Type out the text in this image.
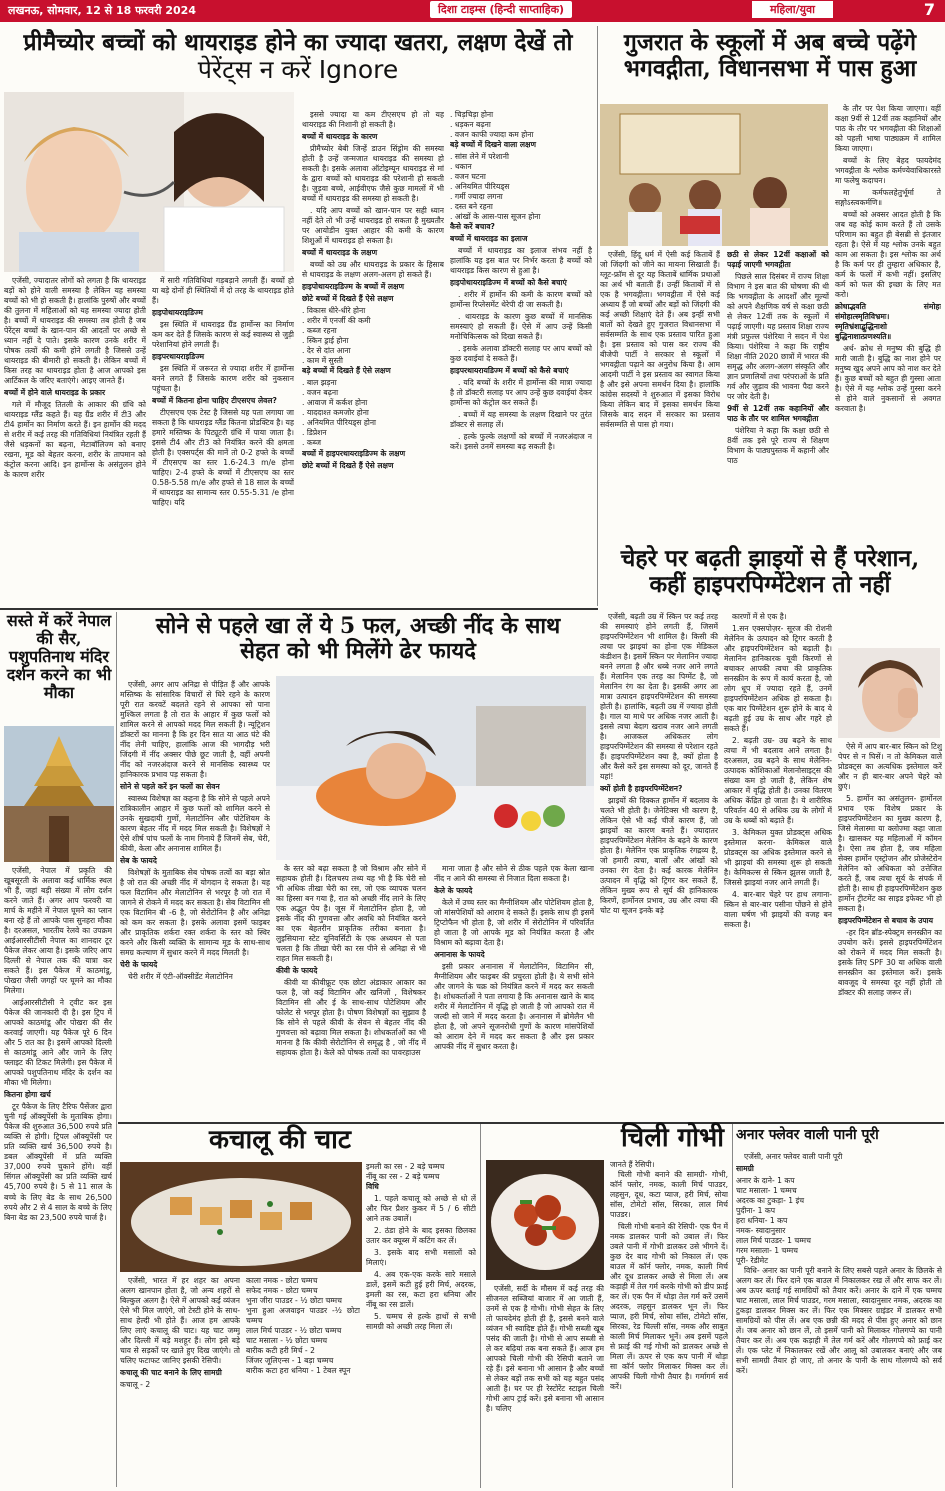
लखनऊ, सोमवार, 12 से 18 फरवरी 2024	दिशा टाइम्स (हिन्दी साप्ताहिक)	महिला/युवा	7
प्रीमैच्योर बच्चों को थायराइड होने का ज्यादा खतरा, लक्षण देखें तो
पेरेंट्स न करें Ignore

एजेंसी, ज्यादातर लोगों को लगता है कि थायराइड बड़ों को होने वाली समस्या है लेकिन यह समस्या बच्चों को भी हो सकती है। हालांकि पुरुषों और बच्चों की तुलना में महिलाओं को यह समस्या ज्यादा होती है। बच्चों में थायराइड की समस्या तब होती है जब पेरेंट्स बच्चों के खान-पान की आदतों पर अच्छे से ध्यान नहीं दे पाते। इसके कारण उनके शरीर में पोषक तत्वों की कमी होने लगती है जिससे उन्हें थायराइड की बीमारी हो सकती है। लेकिन बच्चों में किस तरह का थायराइड होता है आज आपको इस आर्टिकल के जरिए बताएंगे। आइए जानते हैं।

बच्चों में होने वाले थायराइड के प्रकार

गले में मौजूद तितली के आकार की ग्रंथि को थायराइड ग्लैंड कहते हैं। यह ग्रैंड शरीर में टी3 और टी4 हार्मोन का निर्माण करते हैं। इन हार्मोन की मदद से शरीर में कई तरह की गतिविधियां नियंत्रित रहती हैं जैसे धड़कनों का बढ़ना, मेटाबॉलिज्म को बनाए रखना, मूड को बेहतर करना, शरीर के तापमान को कंट्रोल करना आदि। इन हार्मोन्स के असंतुलन होने के कारण शरीर

में सारी गतिविधियां गड़बड़ाने लगती हैं। बच्चों हो या बड़े दोनों ही स्थितियों में दो तरह के थायराइड होते हैं।

हाइपोथायराइडिज्म

इस स्थिति में थायराइड ग्रैंड हार्मोन्स का निर्माण कम कर देते हैं जिसके कारण से कई स्वास्थ्य से जुड़ी परेशानियां होने लगती हैं।

हाइपरथायराइडिज्म

इस स्थिति में जरूरत से ज्यादा शरीर में हार्मोन्स बनने लगते हैं जिसके कारण शरीर को नुकसान पहुंचता है।

बच्चों में कितना होना चाहिए टीएसएच लेवल?

टीएसएच एक टेस्ट है जिससे यह पता लगाया जा सकता है कि थायराइड ग्लैंड कितना प्रोडक्टिव है। यह हमारे मस्तिष्क के पिट्यूटरी ग्रंथि में पाया जाता है। इससे टी4 और टी3 को नियंत्रित करने की क्षमता होती है। एक्सपर्ट्स की मानें तो 0-2 हफ्ते के बच्चों में टीएसएच का स्तर 1.6-24.3 m/e होना चाहिए। 2-4 हफ्ते के बच्चों में टीएसएच का स्तर 0.58-5.58 m/e और हफ्ते से 18 साल के बच्चों में थायराइड का सामान्य स्तर 0.55-5.31 /e होना चाहिए। यदि

इससे ज्यादा या कम टीएसएच हो तो यह थायराइड की निशानी हो सकती है।

बच्चों में थायराइड के कारण

प्रीमैच्योर बेबी जिन्हें डाउन सिंड्रोम की समस्या होती है उन्हें जन्मजात थायराइड की समस्या हो सकती है। इसके अलावा ऑटोइम्यून थायराइड से मां के द्वारा बच्चों को थायराइड की परेशानी हो सकती है। जुड़वा बच्चे, आईवीएफ जैसे कुछ मामलों में भी बच्चों में थायराइड की समस्या हो सकती है।

. यदि आप बच्चों को खान-पान पर सही ध्यान नहीं देते तो भी उन्हें थायराइड हो सकता है मुख्यतौर पर आयोडीन युक्त आहार की कमी के कारण शिशुओं में थायराइड हो सकता है।

बच्चों में थायराइड के लक्षण

बच्चों को उम्र और थायराइड के प्रकार के हिसाब से थायराइड के लक्षण अलग-अलग हो सकते हैं।

हाइपोथायराइडिज्म के बच्चों में लक्षण

छोटे बच्चों में दिखते हैं ऐसे लक्षण

. विकास धीरे-धीरे होना

. शरीर में एनर्जी की कमी

. कब्ज रहना

. स्किन ड्राई होना

. देर से दांत आना

. काम में सुस्ती

बड़े बच्चों में दिखते हैं ऐसे लक्षण

. बाल झड़ना

. वजन बढ़ना

. आवाज में कर्कश होना

. याददाश्त कमजोर होना

. अनियमित पीरियड्स होना

. डिप्रेशन

. कब्ज

बच्चों में हाइपरथायराइडिज्म के लक्षण

छोटे बच्चों में दिखते हैं ऐसे लक्षण

. चिड़चिड़ा होना

. धड़कन बढ़ना

. वजन काफी ज्यादा कम होना

बड़े बच्चों में दिखने वाला लक्षण

. सांस लेने में परेशानी

. थकान

. वजन घटना

. अनियमित पीरियड्स

. गर्मी ज्यादा लगना

. दस्त बने रहना

. आंखों के आस-पास सूजन होना

कैसे करें बचाव?

बच्चों में थायराइड का इलाज

बच्चों में थायराइड का इलाज संभव नहीं है हालांकि यह इस बात पर निर्भर करता है बच्चों को थायराइड किस कारण से हुआ है।

हाइपोथायराइडिज्म में बच्चों को कैसे बचाएं

. शरीर में हार्मोन की कमी के कारण बच्चों को हार्मोन्स रिप्लेसमेंट थेरेपी दी जा सकती है।

. थायराइड के कारण कुछ बच्चों में मानसिक समस्याएं हो सकती हैं। ऐसे में आप उन्हें किसी मनोचिकित्सक को दिखा सकते हैं।

. इसके अलावा डॉक्टरी सलाह पर आप बच्चों को कुछ दवाईयां दे सकते हैं।

हाइपरथायरायडिज्म में बच्चों को कैसे बचाएं

. यदि बच्चों के शरीर में हार्मोन्स की मात्रा ज्यादा है तो डॉक्टरी सलाह पर आप उन्हें कुछ दवाईयां देकर हार्मोन्स को कंट्रोल कर सकते हैं।

. बच्चों में यह समस्या के लक्षण दिखाने पर तुरंत डॉक्टर से सलाह लें।

. हल्के फुल्के लक्षणों को बच्चों में नजरअंदाज न करें। इससे उनमें समस्या बढ़ सकती है।

गुजरात के स्कूलों में अब बच्चे पढ़ेंगे
भगवद्गीता, विधानसभा में पास हुआ

एजेंसी, हिंदू धर्म में ऐसी कई किताबें हैं जो जिंदगी को जीने का मायना सिखाती हैं। ग्लूट-फ्रॉम से दूर यह किताबें धार्मिक प्रथाओं का अर्थ भी बताती हैं। उन्हीं किताबों में से एक है भगवद्गीता। भगवद्गीता में ऐसे कई अध्याय हैं जो बच्चों और बड़ों को जिंदगी की कई अच्छी शिक्षाएं देते हैं। अब इन्हीं सभी बातों को देखते हुए गुजरात विधानसभा में सर्वसम्मति के साथ एक प्रस्ताव पारित हुआ है। इस प्रस्ताव को पास कर राज्य की बीजेपी पार्टी ने सरकार से स्कूलों में भगवद्गीता पढ़ाने का अनुरोध किया है। आम आदमी पार्टी ने इस प्रस्ताव का स्वागत किया है और इसे अपना समर्थन दिया है। हालांकि कांग्रेस सदस्यों ने शुरुआत में इसका विरोध किया लेकिन बाद में इसका समर्थन किया जिसके बाद सदन में सरकार का प्रस्ताव सर्वसम्मति से पास हो गया।

छठी से लेकर 12वीं कक्षाओं को पढ़ाई जाएगी भगवद्गीता

पिछले साल दिसंबर में राज्य शिक्षा विभाग ने इस बात की घोषणा की थी कि भगवद्गीता के आदर्शों और मूल्यों को अपने शैक्षणिक वर्ष से कक्षा छठी से लेकर 12वीं तक के स्कूलों में पढ़ाई जाएगी। यह प्रस्ताव शिक्षा राज्य मंत्री प्रफुल्ल पंशेरिया ने सदन में पेश किया। पंशेरिया ने कहा कि राष्ट्रीय शिक्षा नीति 2020 छात्रों में भारत की समृद्ध और अलग-अलग संस्कृति और ज्ञान प्रणालियों तथा परंपराओं के प्रति गर्व और जुड़ाव की भावना पैदा करने पर जोर देती है।

9वीं से 12वीं तक कहानियों और पाठ के तौर पर शामिल भगवद्गीता

पंशेरिया ने कहा कि कक्षा छठी से 8वीं तक इसे पूरे राज्य से शिक्षण विभाग के पाठ्यपुस्तक में कहानी और पाठ

के तौर पर पेश किया जाएगा। वहीं कक्षा 9वीं से 12वीं तक कहानियों और पाठ के तौर पर भगवद्गीता की शिक्षाओं को पहली भाषा पाठ्यक्रम में शामिल किया जाएगा।

बच्चों के लिए बेहद फायदेमंद भगवद्गीता के श्लोक कर्मण्येवाधिकारस्ते मा फलेषु कदाचन।

मा कर्मफलहेतुर्भूर्मा ते सङ्गोऽस्त्वकर्मणि॥

बच्चों को अक्सर आदत होती है कि जब वह कोई काम करते हैं तो उसके परिणाम का बहुत ही बेसब्री से इंतजार रहता है। ऐसे में यह श्लोक उनके बहुत काम आ सकता है। इस श्लोक का अर्थ है कि कर्म पर ही तुम्हारा अधिकार है, कर्म के फलों में कभी नहीं। इसलिए कर्म को फल की इच्छा के लिए मत करो।

क्रोधाद्भवति संमोहः संमोहात्स्मृतिविभ्रमः। स्मृतिभ्रंशाद्बुद्धिनाशो बुद्धिनाशात्प्रणश्यति॥

अर्थ- क्रोध से मनुष्य की बुद्धि ही मारी जाती है। बुद्धि का नाश होने पर मनुष्य खुद अपने आप को नाश कर देते हैं। कुछ बच्चों को बहुत ही गुस्सा आता है। ऐसे में यह श्लोक उन्हें गुस्सा करने से होने वाले नुकसानों से अवगत करवाता है।

चेहरे पर बढ़ती झाइयों से हैं परेशान,
कहीं हाइपरपिग्मेंटेशन तो नहीं
सस्ते में करें नेपाल की सैर, पशुपतिनाथ मंदिर दर्शन करने का भी मौका

एजेंसी, नेपाल में प्रकृति की खूबसूरती के अलावा कई धार्मिक स्थल भी हैं, जहां बड़ी संख्या में लोग दर्शन करने जाते हैं। अगर आप फरवरी या मार्च के महीने में नेपाल घूमने का प्लान बना रहे हैं तो आपके पास सुनहरा मौका है। दरअसल, भारतीय रेलवे का उपक्रम आईआरसीटीसी नेपाल का शानदार टूर पैकेज लेकर आया है। इसके जरिए आप दिल्ली से नेपाल तक की यात्रा कर सकते हैं। इस पैकेज में काठमांडू, पोखरा जैसी जगहों पर घूमने का मौका मिलेगा।

आईआरसीटीसी ने ट्वीट कर इस पैकेज की जानकारी दी है। इस ट्रिप में आपको काठमांडू और पोखरा की सैर करवाई जाएगी। यह पैकेज पूरे 6 दिन और 5 रात का है। इसमें आपको दिल्ली से काठमांडू आने और जाने के लिए फ्लाइट की टिकट मिलेगी। इस पैकेज में आपको पशुपतिनाथ मंदिर के दर्शन का मौका भी मिलेगा।

कितना होगा खर्च

टूर पैकेज के लिए टैरिफ पैसेंजर द्वारा चुनी गई ऑक्यूपेंसी के मुताबिक होगा। पैकेज की शुरुआत 36,500 रुपये प्रति व्यक्ति से होगी। ट्रिपल ऑक्यूपेंसी पर प्रति व्यक्ति खर्च 36,500 रुपये है। डबल ऑक्यूपेंसी में प्रति व्यक्ति 37,000 रुपये चुकाने होंगे। वहीं सिंगल ऑक्यूपेंसी का प्रति व्यक्ति खर्च 45,700 रुपये है। 5 से 11 साल के बच्चे के लिए बेड के साथ 26,500 रुपये और 2 से 4 साल के बच्चे के लिए बिना बेड का 23,500 रुपये चार्ज है।

सोने से पहले खा लें ये 5 फल, अच्छी नींद के साथ
सेहत को भी मिलेंगे ढेर फायदे

एजेंसी, अगर आप अनिद्रा से पीड़ित हैं और आपके मस्तिष्क के सांसारिक विचारों से घिरे रहने के कारण पूरी रात करवटें बदलते रहने से आपका सो पाना मुश्किल लगता है तो रात के आहार में कुछ फलों को शामिल करने से आपको मदद मिल सकती है। न्यूट्रिशन डॉक्टरों का मानना है कि हर दिन सात या आठ घंटे की नींद लेनी चाहिए, हालांकि आज की भागदौड़ भरी जिंदगी में नींद अक्सर पीछे छूट जाती है, वहीं अपनी नींद को नजरअंदाज करने से मानसिक स्वास्थ्य पर हानिकारक प्रभाव पड़ सकता है।

सोने से पहले करें इन फलों का सेवन

स्वास्थ्य विशेषज्ञ का कहना है कि सोने से पहले अपने रात्रिकालीन आहार में कुछ फलों को शामिल करने से उनके सुखदायी गुणों, मेलाटोनिन और पोटेशियम के कारण बेहतर नींद में मदद मिल सकती है। विशेषज्ञों ने ऐसे शीर्ष पांच फलों के नाम गिनाये हैं जिनमें सेब, चेरी, कीवी, केला और अनानास शामिल हैं।

सेब के फायदे

विशेषज्ञों के मुताबिक सेब पोषक तत्वों का बड़ा स्रोत है जो रात की अच्छी नींद में योगदान दे सकता है। यह फल विटामिन और मेलाटोनिन से भरपूर है जो रात में जागने से रोकने में मदद कर सकता है। सेब विटामिन सी एक विटामिन बी -6 है, जो सेरोटोनिन है और अनिद्रा को कम कर सकता है। इसके अलावा इसमें फाइबर और प्राकृतिक शर्करा रक्त शर्करा के स्तर को स्थिर करने और किसी व्यक्ति के सामान्य मूड के साथ-साथ समग्र कल्याण में सुधार करने में मदद मिलती है।

चेरी के फायदे

चेरी शरीर में एंटी-ऑक्सीडेंट मेलाटोनिन

के स्तर को बढ़ा सकता है जो विश्राम और सोने में सहायक होती है। दिलचस्प तथ्य यह भी है कि चेरी सो भी अधिक तीखा चेरी का रस, जो एक व्यापक चलन का हिस्सा बन गया है, रात को अच्छी नींद लाने के लिए एक अद्भुत पेय है। जूस में मेलाटोनिन होता है, जो इसके नींद की गुणवत्ता और अवधि को नियंत्रित करने का एक बेहतरीन प्राकृतिक तरीका बनाता है। लुइसियाना स्टेट यूनिवर्सिटी के एक अध्ययन से पता चलता है कि तीखा चेरी का रस पीने से अनिद्रा से भी राहत मिल सकती है।

कीवी के फायदे

कीवी या कीवीफ्रूट एक छोटा अंडाकार आकार का फल है, जो कई विटामिन और खनिजों , विशेषकर विटामिन सी और ई के साथ-साथ पोटेशियम और फोलेट से भरपूर होता है। पोषण विशेषज्ञों का सुझाव है कि सोने से पहले कीवी के सेवन से बेहतर नींद की गुणवत्ता को बढ़ावा मिल सकता है। शोधकर्ताओं का भी मानना है कि कीवी सेरोटोनिन से समृद्ध है , जो नींद में सहायक होता है। केले को पोषक तत्वों का पावरहाउस

माना जाता है और सोने से ठीक पहले एक केला खाना नींद न आने की समस्या से निजात दिला सकता है।

केले के फायदे

केले में उच्च स्तर का मैग्नीशियम और पोटेशियम होता है, जो मांसपेशियों को आराम दे सकते हैं। इसके साथ ही इसमें ट्रिप्टोफैन भी होता है, जो शरीर में सेरोटोनिन में परिवर्तित हो जाता है जो आपके मूड को नियंत्रित करता है और विश्राम को बढ़ावा देता है।

अनानास के फायदे

इसी प्रकार अनानास में मेलाटोनिन, विटामिन सी, मैग्नीशियम और फाइबर की प्रचुरता होती है। ये सभी सोने और जागने के चक्र को नियंत्रित करने में मदद कर सकती है। शोधकर्ताओं ने पता लगाया है कि अनानास खाने के बाद शरीर में मेलाटोनिन में वृद्धि हो जाती है जो आपको रात में जल्दी सो जाने में मदद करता है। अनानास में ब्रोमेलैन भी होता है, जो अपने सूजनरोधी गुणों के कारण मांसपेशियों को आराम देने में मदद कर सकता है और इस प्रकार आपकी नींद में सुधार करता है।

एजेंसी, बढ़ती उम्र में स्किन पर कई तरह की समस्याएं होने लगती हैं, जिसमें हाइपरपिग्मेंटेशन भी शामिल है। किसी की त्वचा पर झाइयां का होना एक मेडिकल कंडीशन है। इसमें स्किन पर मेलानिन ज्यादा बनने लगता है और धब्बे नजर आने लगते हैं। मेलानिन एक तरह का पिग्मेंट है, जो मेलानिन रंग का देता है। इसकी अगर आ मात्रा उत्पादन हाइपरपिग्मेंटेशन की समस्या होती है। हालांकि, बढ़ती उम्र में ज्यादा होती है। गाल या माथे पर अधिक नजर आती है। इससे त्वचा बेदाग खराब नजर आने लगती है। आजकल अधिकतर लोग हाइपरपिग्मेंटेशन की समस्या से परेशान रहते हैं। हाइपरपिग्मेंटेशन क्या है, क्यों होता है और कैसे करें इस समस्या को दूर, जानते हैं यहां!

क्यों होती है हाइपरपिग्मेंटेशन?

झाइयों की दिक्कत हार्मोन में बदलाव के चलते भी होती है। जेनेटिक्स भी कारण है, लेकिन ऐसे भी कई चीजें कारण हैं, जो झाइयों का कारण बनते हैं। ज्यादातर हाइपरपिग्मेंटेशन मेलेनिन के बढ़ने के कारण होता है। मेलेनिन एक प्राकृतिक रंगद्रव्य है, जो हमारी त्वचा, बालों और आंखों को उनका रंग देता है। कई कारक मेलेनिन उत्पादन में वृद्धि को ट्रिगर कर सकते हैं, लेकिन मुख्य रूप से सूर्य की हानिकारक किरणें, हार्मोनल प्रभाव, उम्र और त्वचा की चोट या सूजन इनके बड़े

कारणों में से एक है।

1.सन एक्सपोज़र- सूरज की रोशनी मेलेनिन के उत्पादन को ट्रिगर करती है और हाइपरपिग्मेंटेशन को बढ़ाती है। मेलानिन हानिकारक यूवी किरणों से बचाकर आपकी त्वचा की प्राकृतिक सनस्क्रीन के रूप में कार्य करता है, जो लोग धूप में ज्यादा रहते हैं, उनमें हाइपरपिग्मेंटेशन अधिक हो सकता है। एक बार पिग्मेंटेशन शुरू होने के बाद ये बढ़ती हुई उम्र के साथ और गहरे हो सकते हैं।

2. बढ़ती उम्र- उम्र बढ़ने के साथ त्वचा में भी बदलाव आने लगता है। दरअसल, उम्र बढ़ने के साथ मेलेनिन-उत्पादक कोशिकाओं मेलानोसाइट्स की संख्या कम हो जाती है, लेकिन शेष आकार में वृद्धि होती है। उनका वितरण अधिक केंद्रित हो जाता है। ये शारीरिक परिवर्तन 40 से अधिक उम्र के लोगों में उम्र के धब्बों को बढ़ाते हैं।

3. केमिकल युक्त प्रोडक्ट्स अधिक इस्तेमाल करना- केमिकल वाले प्रोडक्ट्स का अधिक इस्तेमाल करने से भी झाइयां की समस्या शुरू हो सकती है। केमिकल्स से स्किन झुलस जाती है, जिससे झाइयां नजर आने लगती हैं।

4. बार-बार चेहरे पर हाथ लगाना- स्किन से बार-बार पसीना पोंछने से होने वाला घर्षण भी झाइयों की वजह बन सकता है।

ऐसे में आप बार-बार स्किन को टिशु पेपर से न घिसें। न तो केमिकल वाले प्रोडक्ट्स का अत्यधिक इस्तेमाल करें और न ही बार-बार अपने चेहरे को छुएं।

5. हार्मोन का असंतुलन- हार्मोनल प्रभाव एक विशेष प्रकार के हाइपरपिग्मेंटेशन का मुख्य कारण है, जिसे मेलास्मा या क्लोज्मा कहा जाता है। खासकर यह महिलाओं में कॉमन है। ऐसा तब होता है, जब महिला सेक्स हार्मोन एस्ट्रोजन और प्रोजेस्टेरोन मेलेनिन को अधिकता को उत्तेजित करते हैं, जब त्वचा सूर्य के संपर्क में होती है। साथ ही हाइपरपिग्मेंटेशन कुछ हार्मोन ट्रीटमेंट का साइड इफेक्ट भी हो सकता है।

हाइपरपिग्मेंटेशन से बचाव के उपाय

-हर दिन ब्रॉड-स्पेक्ट्रम सनस्क्रीन का उपयोग करें। इससे हाइपरपिग्मेंटेशन को रोकने में मदद मिल सकती है। इसके लिए SPF 30 या अधिक वाली सनस्क्रीन का इस्तेमाल करें। इसके बावजूद ये समस्या दूर नहीं होती तो डॉक्टर की सलाह जरूर लें।

कचालू की चाट

एजेंसी, भारत में हर शहर का अपना अलग खानपान होता है, जो अन्य शहरों से बिल्कुल अलग है। ऐसे में आपको कई व्यंजन ऐसे भी मिल जाएंगे, जो टेस्टी होने के साथ-साथ हेल्दी भी होते हैं। आज हम आपके लिए लाएं कचालू की चाट। यह चाट जम्मू और दिल्ली में बड़े मशहूर हैं। लोग इसे बड़े चाव से सड़कों पर खाते हुए दिख जाएंगे। तो चलिए फटाफट जानिए इसकी रेसिपी।

कचालू की चाट बनाने के लिए सामग्री

कचालू - 2

काला नमक - छोटा चम्मच

सफेद नमक - छोटा चम्मच

भुना जीरा पाउडर - ½ छोटा चम्मच

भुना हुआ अजवाइन पाउडर -½ छोटा चम्मच

लाल मिर्च पाउडर - ½ छोटा चम्मच

चाट मसाला - ½ छोटा चम्मच

बारीक कटी हरी मिर्च - 2

जिंजर जूलिएन्स - 1 बड़ा चम्मच

बारीक कटा हरा धनिया - 1 टेबल स्पून

इमली का रस - 2 बड़े चम्मच

नींबू का रस - 2 बड़े चम्मच

विधि

1. पहले कचालू को अच्छे से धो लें और फिर प्रैशर कुकर में 5 / 6 सीटी आने तक उबालें।

2. ठंडा होने के बाद इसका छिलका उतार कर क्यूब्स में कटिंग कर लें।

3. इसके बाद सभी मसालों को मिलाएं।

4. अब एक-एक करके सारे मसाले डालें, इसमें कटी हुई हरी मिर्च, अदरक, इमली का रस, कटा हरा धनिया और नींबू का रस डालें।

5. चम्मच से हल्के हाथों से सभी सामग्री को अच्छी तरह मिला लें।

चिली गोभी

एजेंसी, सर्दी के मौसम में कई तरह की सीजनल सब्जियां बाजार में आ जाती हैं, उनमें से एक है गोभी। गोभी सेहत के लिए तो फायदेमंद होती ही है, इससे बनने वाले व्यंजन भी स्वादिष्ट होते हैं। गोभी सब्जी खूब पसंद की जाती है। गोभी से आप सब्जी से ले कर बढ़ियां तक बना सकते हैं। आज हम आपको चिली गोभी की रेसिपी बताने जा रहे हैं। इसे बनाना भी आसान है और बच्चों से लेकर बड़ों तक सभी को यह बहुत पसंद आती है। घर पर ही रेस्टोरेंट स्टाइल चिली गोभी आप ट्राई करें। इसे बनाना भी आसान है। चलिए

जानते हैं रेसिपी।

चिली गोभी बनाने की सामग्री- गोभी, कॉर्न फ्लोर, नमक, काली मिर्च पाउडर, लहसुन, दूध, कटा प्याज, हरी मिर्च, सोया सॉस, टोमेटो सॉस, सिरका, लाल मिर्च पाउडर।

चिली गोभी बनाने की रेसिपी- एक पैन में नमक डालकर पानी को उबाल लें। फिर उबले पानी में गोभी डालकर उसे भीगने दें। कुछ देर बाद गोभी को निकाल लें। एक बाउल में कॉर्न फ्लोर, नमक, काली मिर्च और दूध डालकर अच्छे से मिला लें। अब कड़ाही में तेल गर्म करके गोभी को डीप फ्राई कर लें। एक पैन में थोड़ा तेल गर्म करें उसमें अदरक, लहसुन डालकर भून लें। फिर प्याज, हरी मिर्च, सोया सॉस, टोमेटो सॉस, सिरका, रेड चिल्ली सॉस, नमक और साबुत काली मिर्च मिलाकर भूनें। अब इसमें पहले से फ्राई की गई गोभी को डालकर अच्छे से मिला लें। ऊपर से एक कप पानी में थोड़ा सा कॉर्न फ्लोर मिलाकर मिक्स कर लें। आपकी चिली गोभी तैयार है। गर्मागर्म सर्व करें।

अनार फ्लेवर वाली पानी पूरी

एजेंसी, अनार फ्लेवर वाली पानी पूरी

सामग्री

अनार के दाने- 1 कप

चाट मसाला- 1 चम्मच

अदरक का टुकड़ा- 1 इंच

पुदीना- 1 कप

हरा धनिया- 1 कप

नमक- स्वादानुसार

लाल मिर्च पाउडर- 1 चम्मच

गरम मसाला- 1 चम्मच

पूरी- रेडीमेट

विधि- अनार का पानी पूरी बनाने के लिए सबसे पहले अनार के छिलके से अलग कर लें। फिर दाने एक बाउल में निकालकर रख लें और साफ कर लें। अब ऊपर बताई गई सामग्रियों को तैयार करें। अनार के दाने में एक चम्मच चाट मसाला, लाल मिर्च पाउडर, गरम मसाला, स्वादानुसार नमक, अदरक का टुकड़ा डालकर मिक्स कर लें। फिर एक मिक्सर ग्राइंडर में डालकर सभी सामग्रियों को पीस लें। अब एक छन्नी की मदद से पीस हुए अनार को छान लें। जब अनार को छान लें, तो इसमें पानी को मिलाकर गोलगप्पे का पानी तैयार कर लें। अब एक कड़ाही में तेल गर्म करें और गोलगप्पे को फ्राई कर लें। एक प्लेट में निकालकर रखें और आलू को उबालकर बनाएं और जब सभी सामग्री तैयार हो जाए, तो अनार के पानी के साथ गोलगप्पे को सर्व करें।
